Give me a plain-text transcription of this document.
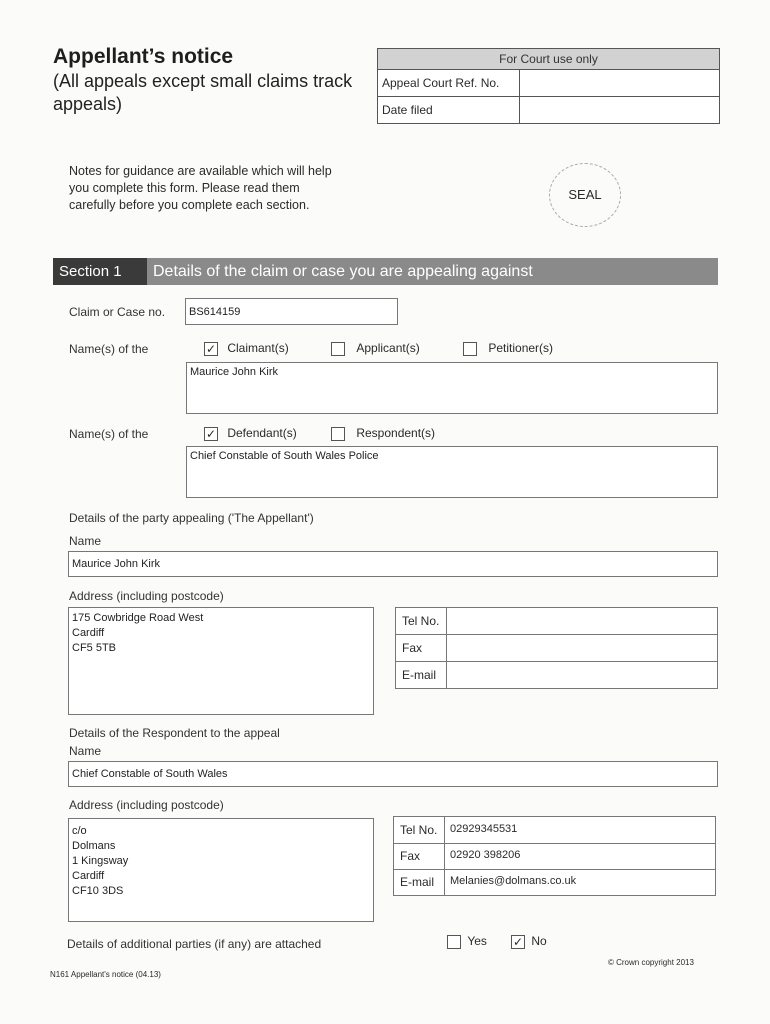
Appellant’s notice
(All appeals except small claims track appeals)
For Court use only
Appeal Court Ref. No.
Date filed
Notes for guidance are available which will help you complete this form. Please read them carefully before you complete each section.
SEAL
Section 1	Details of the claim or case you are appealing against
Claim or Case no.	BS614159
Name(s) of the	✓ Claimant(s)	Applicant(s)	Petitioner(s)
Maurice John Kirk
Name(s) of the	✓ Defendant(s)	Respondent(s)
Chief Constable of South Wales Police
Details of the party appealing ('The Appellant')
Name
Maurice John Kirk
Address (including postcode)
175 Cowbridge Road West
Cardiff
CF5 5TB
Tel No.
Fax
E-mail
Details of the Respondent to the appeal
Name
Chief Constable of South Wales
Address (including postcode)
c/o
Dolmans
1 Kingsway
Cardiff
CF10 3DS
Tel No. 02929345531
Fax	02920 398206
E-mail Melanies@dolmans.co.uk
Details of additional parties (if any) are attached	Yes ✓ No
N161 Appellant's notice (04.13)
© Crown copyright 2013
